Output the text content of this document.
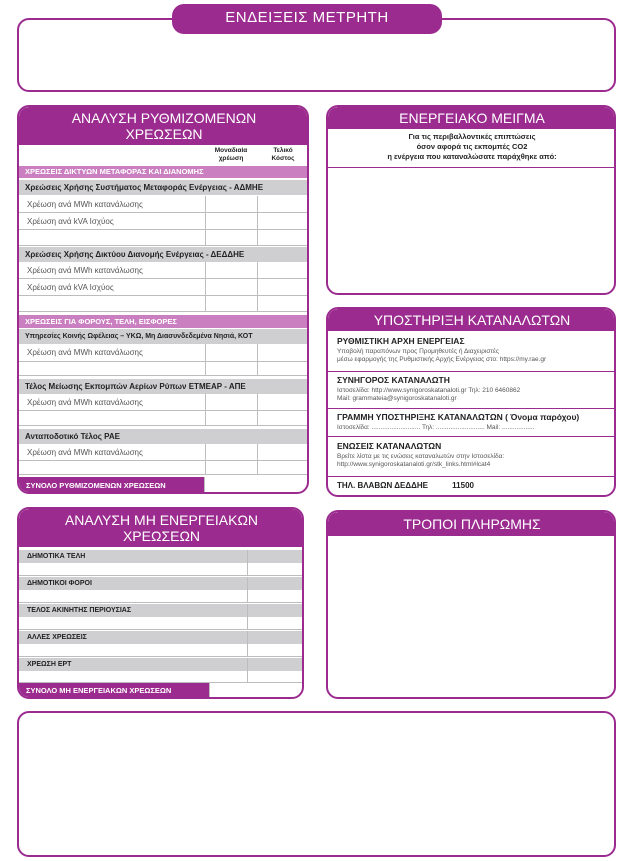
ΕΝΔΕΙΞΕΙΣ ΜΕΤΡΗΤΗ
ΑΝΑΛΥΣΗ ΡΥΘΜΙΖΟΜΕΝΩΝ
ΧΡΕΩΣΕΩΝ
Μοναδιαία
χρέωση
Τελικό
Κόστος
ΧΡΕΩΣΕΙΣ ΔΙΚΤΥΩΝ ΜΕΤΑΦΟΡΑΣ ΚΑΙ ΔΙΑΝΟΜΗΣ
Χρεώσεις Χρήσης Συστήματος Μεταφοράς Ενέργειας - ΑΔΜΗΕ
Χρέωση ανά MWh κατανάλωσης
Χρέωση ανά kVA Ισχύος
Χρεώσεις Χρήσης Δικτύου Διανομής Ενέργειας - ΔΕΔΔΗΕ
Χρέωση ανά MWh κατανάλωσης
Χρέωση ανά kVA Ισχύος
ΧΡΕΩΣΕΙΣ ΓΙΑ ΦΟΡΟΥΣ, ΤΕΛΗ, ΕΙΣΦΟΡΕΣ
Υπηρεσίες Κοινής Ωφέλειας – ΥΚΩ, Μη Διασυνδεδεμένα Νησιά, ΚΟΤ
Χρέωση ανά MWh κατανάλωσης
Τέλος Μείωσης Εκπομπών Αερίων Ρύπων ΕΤΜΕΑΡ - ΑΠΕ
Χρέωση ανά MWh κατανάλωσης
Ανταποδοτικό Τέλος ΡΑΕ
Χρέωση ανά MWh κατανάλωσης
ΣΥΝΟΛΟ ΡΥΘΜΙΖΟΜΕΝΩΝ ΧΡΕΩΣΕΩΝ
ΑΝΑΛΥΣΗ ΜΗ ΕΝΕΡΓΕΙΑΚΩΝ
ΧΡΕΩΣΕΩΝ
ΔΗΜΟΤΙΚΑ ΤΕΛΗ
ΔΗΜΟΤΙΚΟΙ ΦΟΡΟΙ
ΤΕΛΟΣ ΑΚΙΝΗΤΗΣ ΠΕΡΙΟΥΣΙΑΣ
ΑΛΛΕΣ ΧΡΕΩΣΕΙΣ
ΧΡΕΩΣΗ ΕΡΤ
ΣΥΝΟΛΟ ΜΗ ΕΝΕΡΓΕΙΑΚΩΝ ΧΡΕΩΣΕΩΝ
ΕΝΕΡΓΕΙΑΚΟ ΜΕΙΓΜΑ
Για τις περιβαλλοντικές επιπτώσεις
όσον αφορά τις εκπομπές CO2
η ενέργεια που καταναλώσατε παράχθηκε από:
ΥΠΟΣΤΗΡΙΞΗ ΚΑΤΑΝΑΛΩΤΩΝ
ΡΥΘΜΙΣΤΙΚΗ ΑΡΧΗ ΕΝΕΡΓΕΙΑΣ
Υποβολή παραπόνων προς Προμηθευτές ή Διαχειριστές
μέσω εφαρμογής της Ρυθμιστικής Αρχής Ενέργειας στο: https://my.rae.gr
ΣΥΝΗΓΟΡΟΣ ΚΑΤΑΝΑΛΩΤΗ
Ιστοσελίδα: http://www.synigoroskatanaloti.gr Τηλ: 210 6460862
Mail: grammateia@synigoroskatanaloti.gr
ΓΡΑΜΜΗ ΥΠΟΣΤΗΡΙΞΗΣ ΚΑΤΑΝΑΛΩΤΩΝ ( Όνομα παρόχου)
Ιστοσελίδα: ........................... Τηλ: ........................... Mail: ..................
ΕΝΩΣΕΙΣ ΚΑΤΑΝΑΛΩΤΩΝ
Βρείτε λίστα με τις ενώσεις καταναλωτών στην Ιστοσελίδα:
http://www.synigoroskatanaloti.gr/stk_links.html#lcat4
ΤΗΛ. ΒΛΑΒΩΝ ΔΕΔΔΗΕ	11500
ΤΡΟΠΟΙ ΠΛΗΡΩΜΗΣ
